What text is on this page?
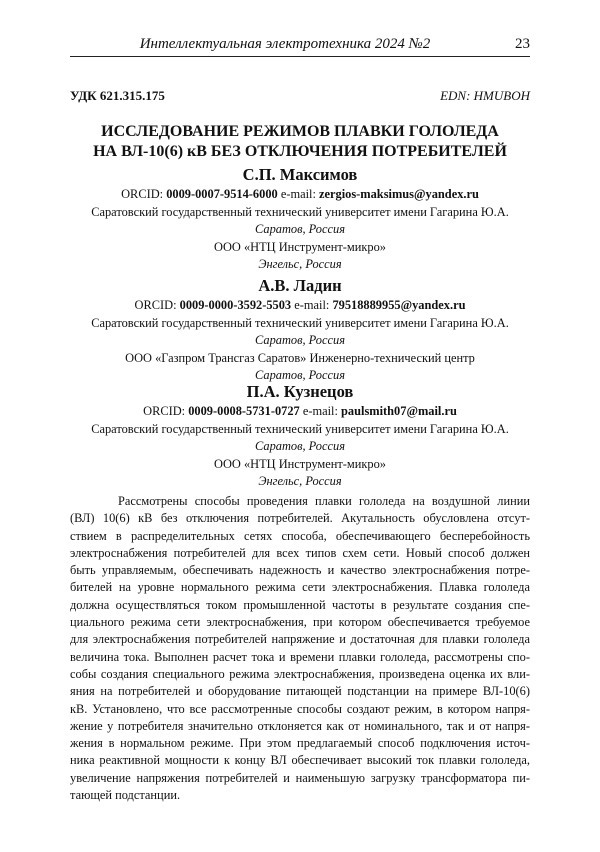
Интеллектуальная электротехника 2024 №2	23
УДК 621.315.175	EDN: HMUBOH
ИССЛЕДОВАНИЕ РЕЖИМОВ ПЛАВКИ ГОЛОЛЕДА
НА ВЛ-10(6) кВ БЕЗ ОТКЛЮЧЕНИЯ ПОТРЕБИТЕЛЕЙ
С.П. Максимов
ORCID: 0009-0007-9514-6000 e-mail: zergios-maksimus@yandex.ru
Саратовский государственный технический университет имени Гагарина Ю.А.
Саратов, Россия
ООО «НТЦ Инструмент-микро»
Энгельс, Россия
А.В. Ладин
ORCID: 0009-0000-3592-5503 e-mail: 79518889955@yandex.ru
Саратовский государственный технический университет имени Гагарина Ю.А.
Саратов, Россия
ООО «Газпром Трансгаз Саратов» Инженерно-технический центр
Саратов, Россия
П.А. Кузнецов
ORCID: 0009-0008-5731-0727 e-mail: paulsmith07@mail.ru
Саратовский государственный технический университет имени Гагарина Ю.А.
Саратов, Россия
ООО «НТЦ Инструмент-микро»
Энгельс, Россия
Рассмотрены способы проведения плавки гололеда на воздушной линии
(ВЛ) 10(6) кВ без отключения потребителей. Акутальность обусловлена отсут-
ствием в распределительных сетях способа, обеспечивающего бесперебойность
электроснабжения потребителей для всех типов схем сети. Новый способ должен
быть управляемым, обеспечивать надежность и качество электроснабжения потре-
бителей на уровне нормального режима сети электроснабжения. Плавка гололеда
должна осуществляться током промышленной частоты в результате создания спе-
циального режима сети электроснабжения, при котором обеспечивается требуемое
для электроснабжения потребителей напряжение и достаточная для плавки гололеда
величина тока. Выполнен расчет тока и времени плавки гололеда, рассмотрены спо-
собы создания специального режима электроснабжения, произведена оценка их вли-
яния на потребителей и оборудование питающей подстанции на примере ВЛ-10(6)
кВ. Установлено, что все рассмотренные способы создают режим, в котором напря-
жение у потребителя значительно отклоняется как от номинального, так и от напря-
жения в нормальном режиме. При этом предлагаемый способ подключения источ-
ника реактивной мощности к концу ВЛ обеспечивает высокий ток плавки гололеда,
увеличение напряжения потребителей и наименьшую загрузку трансформатора пи-
тающей подстанции.
